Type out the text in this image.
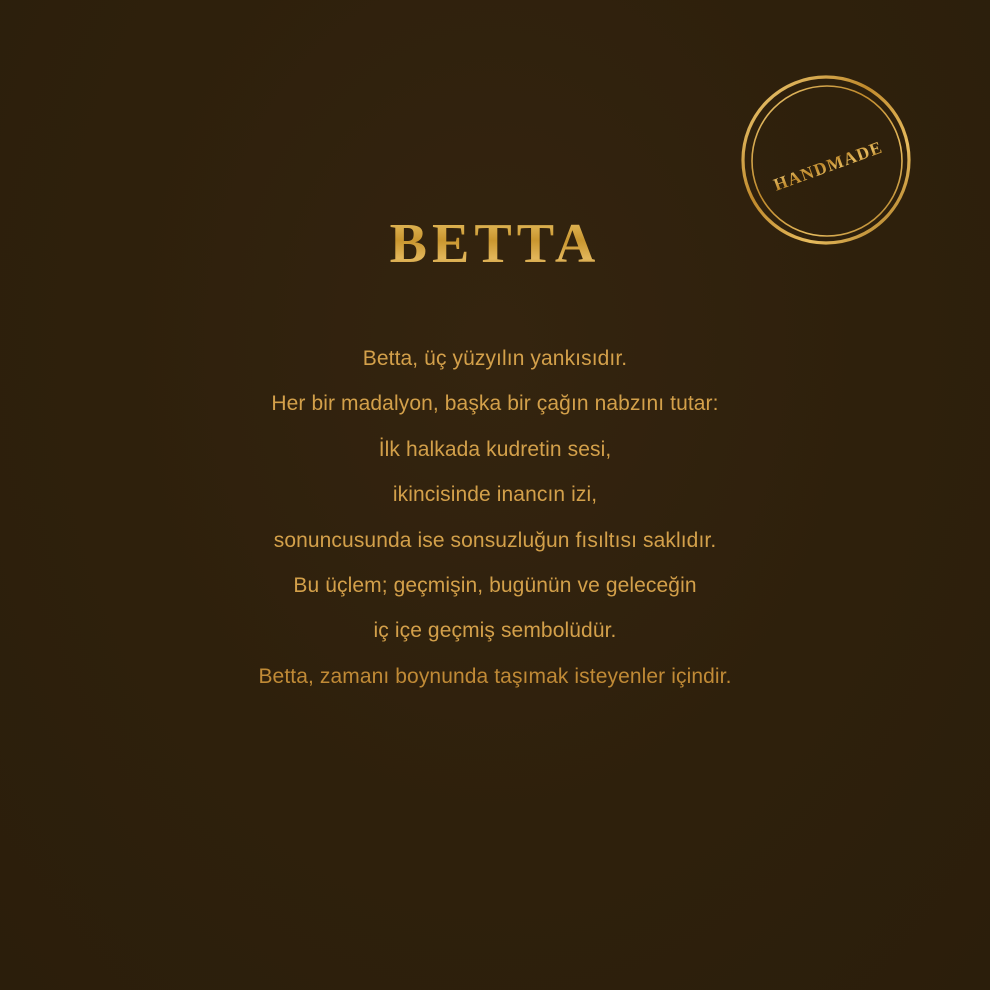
HANDMADE
BETTA
Betta, üç yüzyılın yankısıdır.
Her bir madalyon, başka bir çağın nabzını tutar:
İlk halkada kudretin sesi,
ikincisinde inancın izi,
sonuncusunda ise sonsuzluğun fısıltısı saklıdır.
Bu üçlem; geçmişin, bugünün ve geleceğin
iç içe geçmiş sembolüdür.
Betta, zamanı boynunda taşımak isteyenler içindir.
